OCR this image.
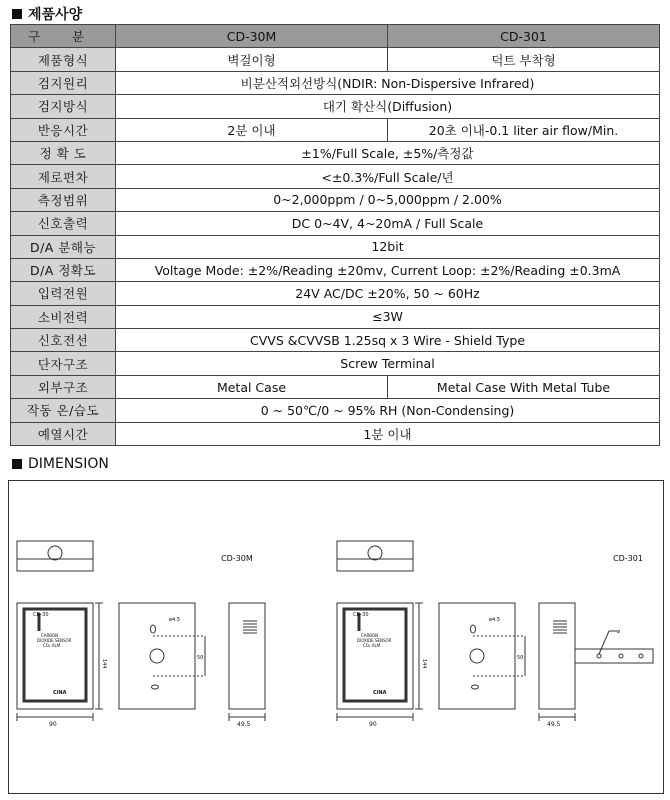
제품사양
구 분	CD-30M	CD-301
제품형식	벽걸이형	덕트 부착형
검지원리	비분산적외선방식(NDIR: Non-Dispersive Infrared)	
검지방식	대기 확산식(Diffusion)	
반응시간	2분 이내	20초 이내-0.1 liter air flow/Min.
정 확 도	±1%/Full Scale, ±5%/측정값	
제로편차	<±0.3%/Full Scale/년	
측정범위	0~2,000ppm / 0~5,000ppm / 2.00%	
신호출력	DC 0~4V, 4~20mA / Full Scale	
D/A 분해능	12bit	
D/A 정확도	Voltage Mode: ±2%/Reading ±20mv, Current Loop: ±2%/Reading ±0.3mA	
입력전원	24V AC/DC ±20%, 50 ~ 60Hz	
소비전력	≤3W	
신호전선	CVVS &CVVSB 1.25sq x 3 Wire - Shield Type	
단자구조	Screw Terminal	
외부구조	Metal Case	Metal Case With Metal Tube
작동 온/습도	0 ~ 50℃/0 ~ 95% RH (Non-Condensing)	
예열시간	1분 이내	
DIMENSION
CD-30M
CD-30
CARBON
DIOXIDE SENSOR
CO₂ ALM
CiNA
144
90
ø4.5
50
49.5
CD-301
CD-30
CARBON
DIOXIDE SENSOR
CO₂ ALM
CiNA
144
90
ø4.5
50
ø
49.5
